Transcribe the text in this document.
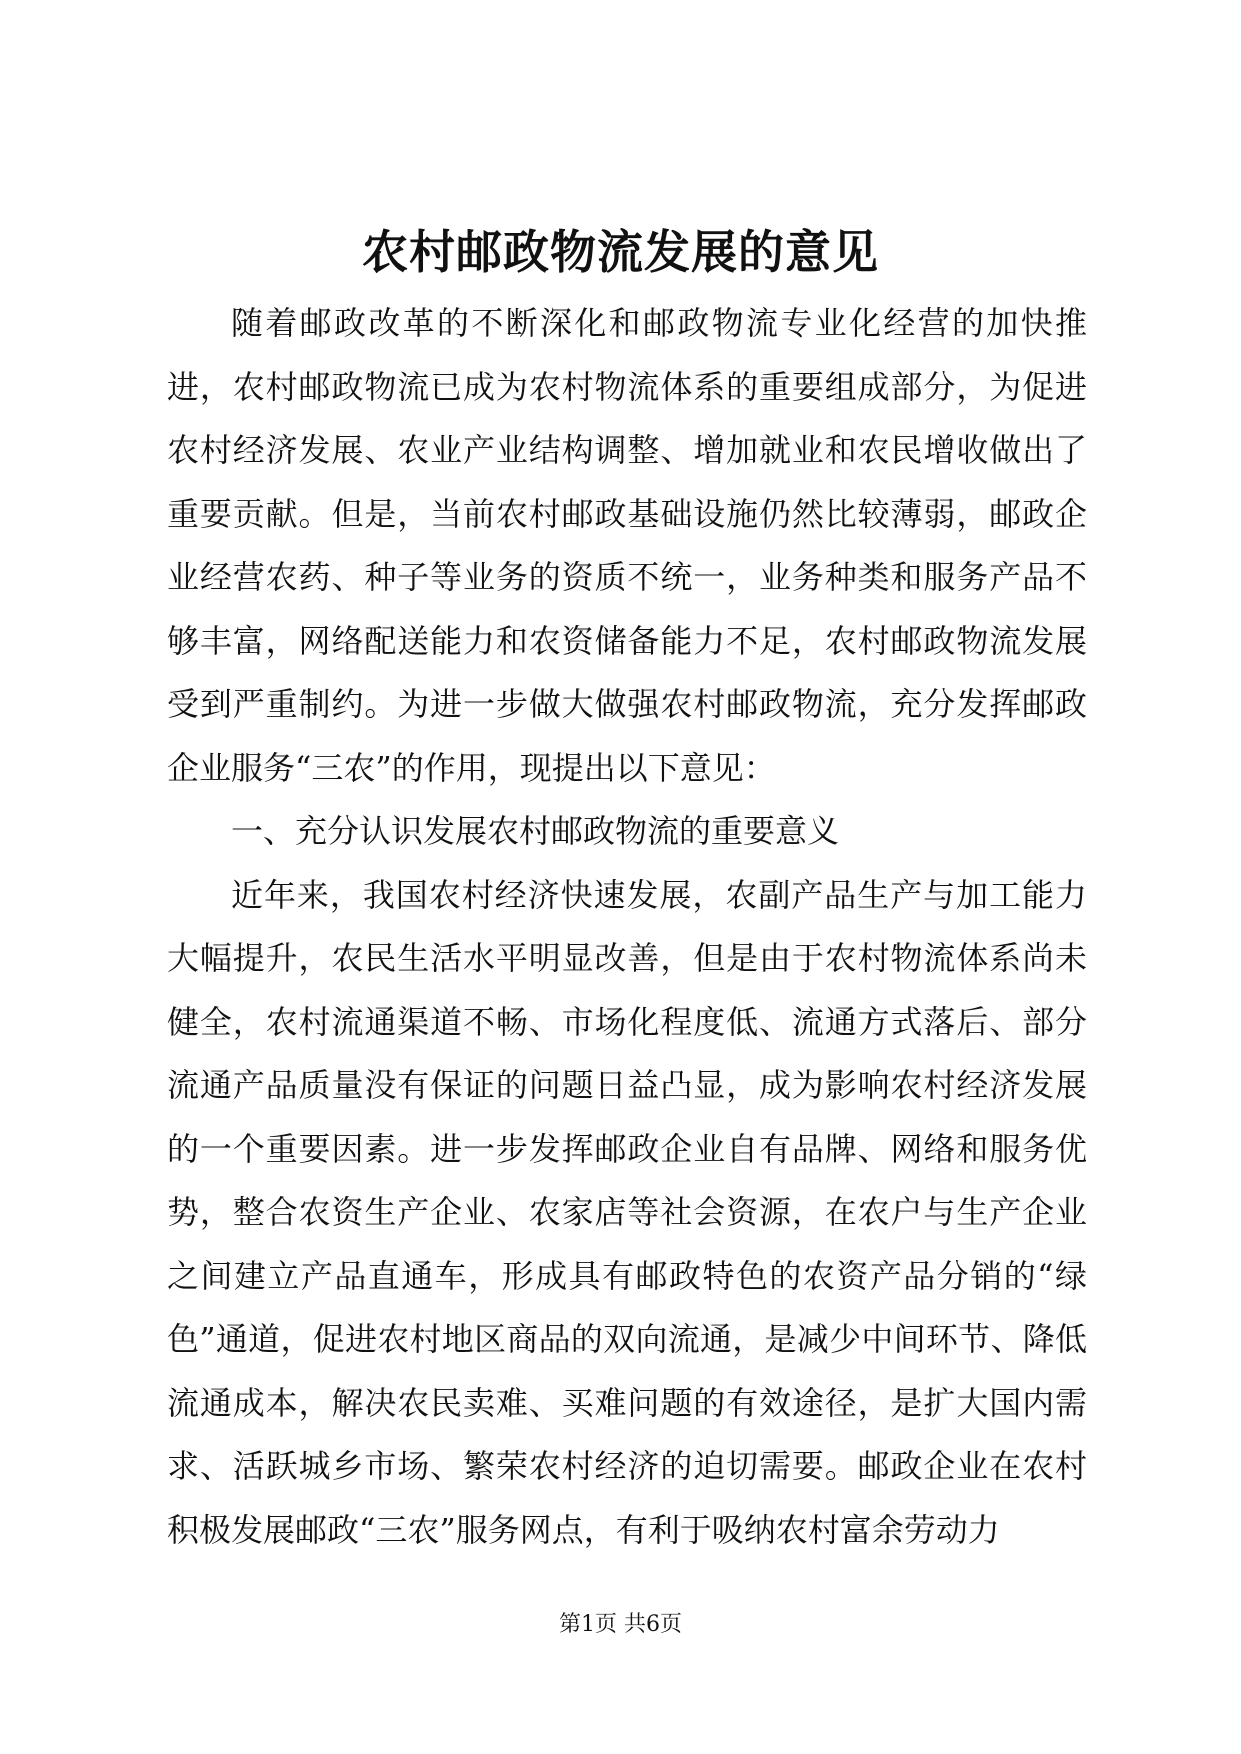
农村邮政物流发展的意见

随着邮政改革的不断深化和邮政物流专业化经营的加快推进，农村邮政物流已成为农村物流体系的重要组成部分，为促进农村经济发展、农业产业结构调整、增加就业和农民增收做出了重要贡献。但是，当前农村邮政基础设施仍然比较薄弱，邮政企业经营农药、种子等业务的资质不统一，业务种类和服务产品不够丰富，网络配送能力和农资储备能力不足，农村邮政物流发展受到严重制约。为进一步做大做强农村邮政物流，充分发挥邮政企业服务“三农”的作用，现提出以下意见：

一、充分认识发展农村邮政物流的重要意义

近年来，我国农村经济快速发展，农副产品生产与加工能力大幅提升，农民生活水平明显改善，但是由于农村物流体系尚未健全，农村流通渠道不畅、市场化程度低、流通方式落后、部分流通产品质量没有保证的问题日益凸显，成为影响农村经济发展的一个重要因素。进一步发挥邮政企业自有品牌、网络和服务优势，整合农资生产企业、农家店等社会资源，在农户与生产企业之间建立产品直通车，形成具有邮政特色的农资产品分销的“绿色”通道，促进农村地区商品的双向流通，是减少中间环节、降低流通成本，解决农民卖难、买难问题的有效途径，是扩大国内需求、活跃城乡市场、繁荣农村经济的迫切需要。邮政企业在农村积极发展邮政“三农”服务网点，有利于吸纳农村富余劳动力

第1页 共6页
